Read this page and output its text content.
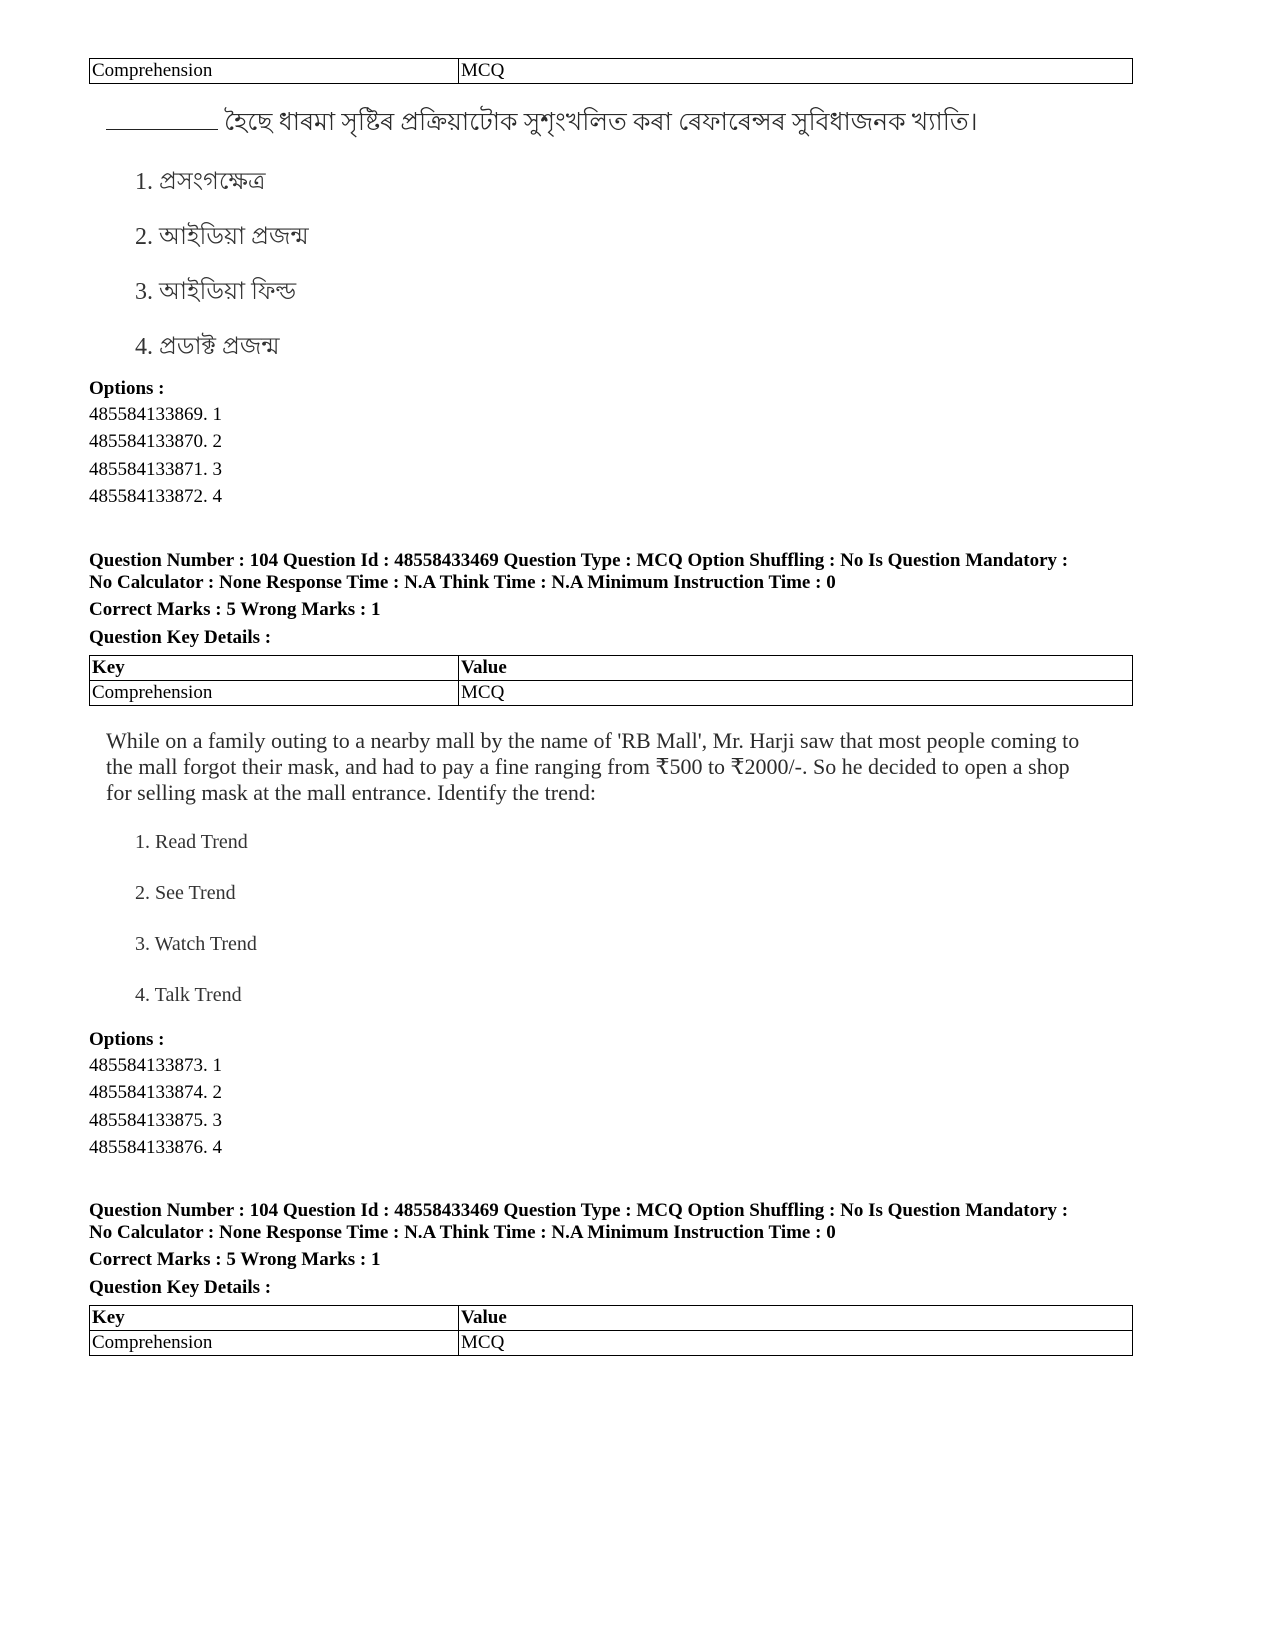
Comprehension	MCQ
হৈছে ধাৰমা সৃষ্টিৰ প্ৰক্ৰিয়াটোক সুশৃংখলিত কৰা ৰেফাৰেন্সৰ সুবিধাজনক খ্যাতি।
1. প্ৰসংগক্ষেত্ৰ
2. আইডিয়া প্ৰজন্ম
3. আইডিয়া ফিল্ড
4. প্ৰডাক্ট প্ৰজন্ম
Options :
485584133869. 1
485584133870. 2
485584133871. 3
485584133872. 4
Question Number : 104 Question Id : 48558433469 Question Type : MCQ Option Shuffling : No Is Question Mandatory :
No Calculator : None Response Time : N.A Think Time : N.A Minimum Instruction Time : 0
Correct Marks : 5 Wrong Marks : 1
Question Key Details :
Key	Value
Comprehension	MCQ
While on a family outing to a nearby mall by the name of 'RB Mall', Mr. Harji saw that most people coming to
the mall forgot their mask, and had to pay a fine ranging from ₹500 to ₹2000/-. So he decided to open a shop
for selling mask at the mall entrance. Identify the trend:
1. Read Trend
2. See Trend
3. Watch Trend
4. Talk Trend
Options :
485584133873. 1
485584133874. 2
485584133875. 3
485584133876. 4
Question Number : 104 Question Id : 48558433469 Question Type : MCQ Option Shuffling : No Is Question Mandatory :
No Calculator : None Response Time : N.A Think Time : N.A Minimum Instruction Time : 0
Correct Marks : 5 Wrong Marks : 1
Question Key Details :
Key	Value
Comprehension	MCQ
